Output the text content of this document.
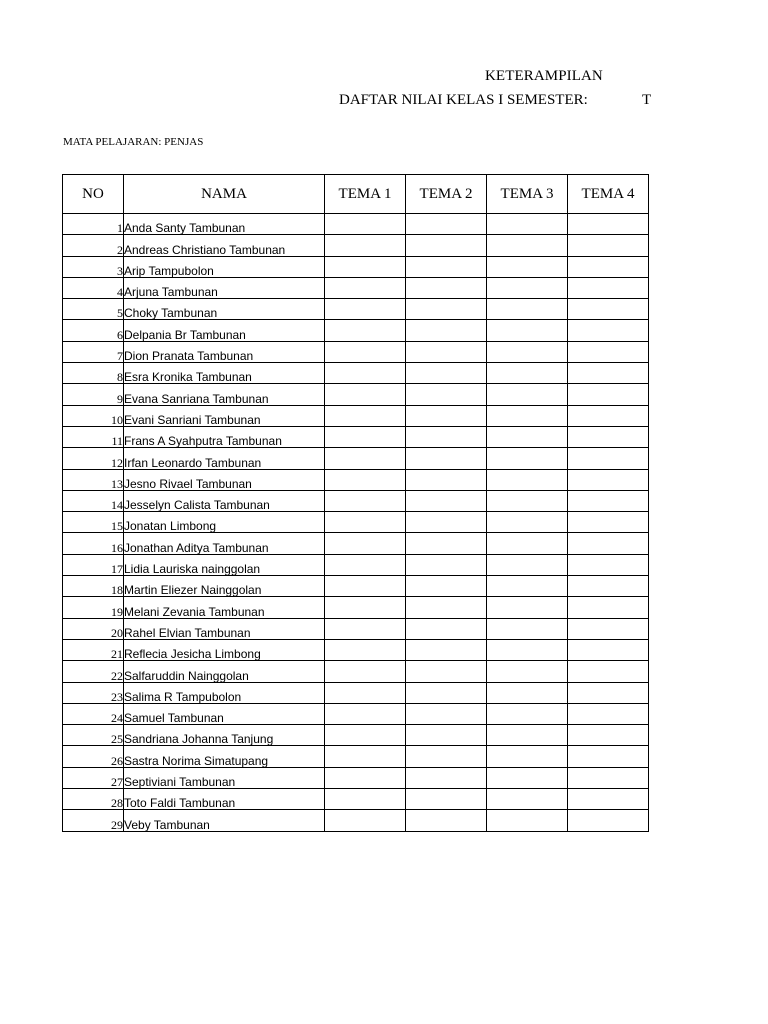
KETERAMPILAN
DAFTAR NILAI KELAS I SEMESTER:	T
MATA PELAJARAN: PENJAS
NO	NAMA	TEMA 1	TEMA 2	TEMA 3	TEMA 4
1	Anda Santy Tambunan				
2	Andreas Christiano Tambunan				
3	Arip Tampubolon				
4	Arjuna Tambunan				
5	Choky Tambunan				
6	Delpania Br Tambunan				
7	Dion Pranata Tambunan				
8	Esra Kronika Tambunan				
9	Evana Sanriana Tambunan				
10	Evani Sanriani Tambunan				
11	Frans A Syahputra Tambunan				
12	Irfan Leonardo Tambunan				
13	Jesno Rivael Tambunan				
14	Jesselyn Calista Tambunan				
15	Jonatan Limbong				
16	Jonathan Aditya Tambunan				
17	Lidia Lauriska nainggolan				
18	Martin Eliezer Nainggolan				
19	Melani Zevania Tambunan				
20	Rahel Elvian Tambunan				
21	Reflecia Jesicha Limbong				
22	Salfaruddin Nainggolan				
23	Salima R Tampubolon				
24	Samuel Tambunan				
25	Sandriana Johanna Tanjung				
26	Sastra Norima Simatupang				
27	Septiviani Tambunan				
28	Toto Faldi Tambunan				
29	Veby Tambunan				
